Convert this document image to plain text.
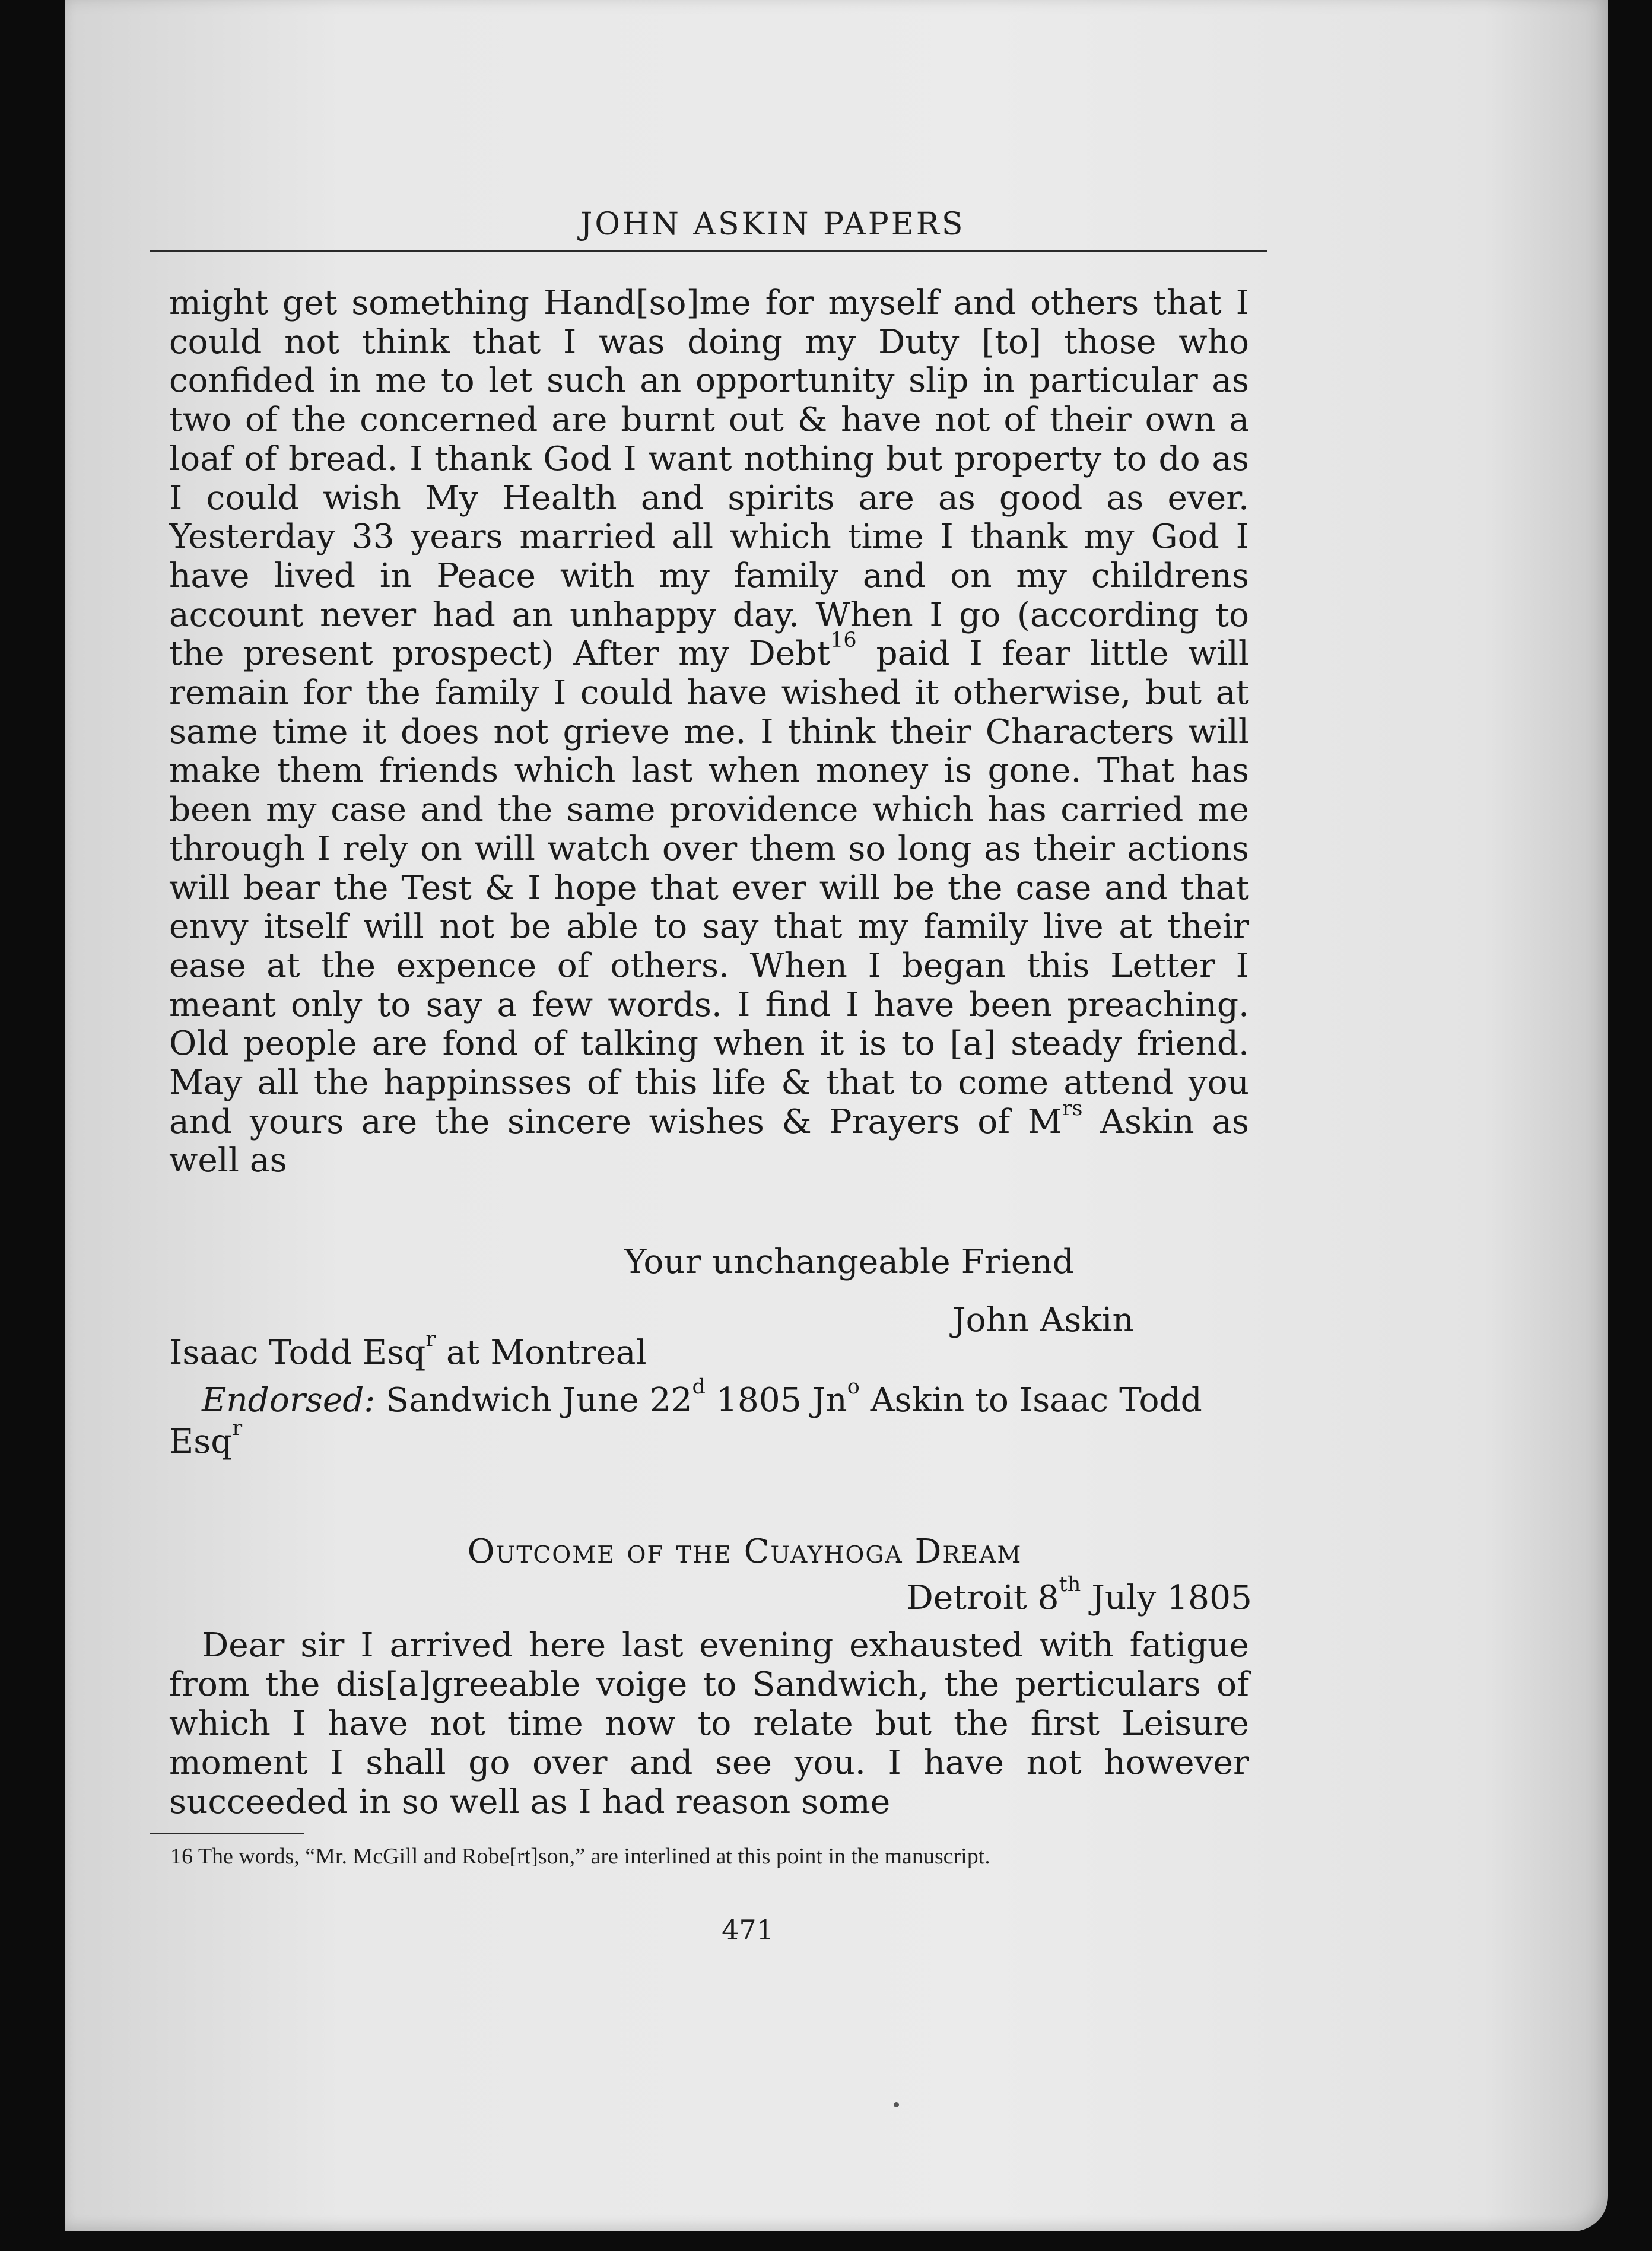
JOHN ASKIN PAPERS
might get something Hand[so]me for myself and others that I could not think that I was doing my Duty [to] those who confided in me to let such an opportunity slip in particular as two of the concerned are burnt out & have not of their own a loaf of bread. I thank God I want nothing but property to do as I could wish My Health and spirits are as good as ever. Yesterday 33 years married all which time I thank my God I have lived in Peace with my family and on my childrens account never had an unhappy day. When I go (according to the present prospect) After my Debt$^{16}$ paid I fear little will remain for the family I could have wished it otherwise, but at same time it does not grieve me. I think their Characters will make them friends which last when money is gone. That has been my case and the same providence which has carried me through I rely on will watch over them so long as their actions will bear the Test & I hope that ever will be the case and that envy itself will not be able to say that my family live at their ease at the expence of others. When I began this Letter I meant only to say a few words. I find I have been preaching. Old people are fond of talking when it is to [a] steady friend. May all the happinsses of this life & that to come attend you and yours are the sincere wishes & Prayers of $M^{rs}$ Askin as well as
Your unchangeable Friend
John Askin
Isaac Todd Esq$^r$ at Montreal
Endorsed: Sandwich June 22$^d$ 1805 Jn$^o$ Askin to Isaac Todd Esq$^r$
Outcome of the Cuayhoga Dream
Detroit 8th July 1805
Dear sir I arrived here last evening exhausted with fatigue from the dis[a]greeable voige to Sandwich, the perticulars of which I have not time now to relate but the first Leisure moment I shall go over and see you. I have not however succeeded in so well as I had reason some
16 The words, “Mr. McGill and Robe[rt]son,” are interlined at this point in the manuscript.
471
